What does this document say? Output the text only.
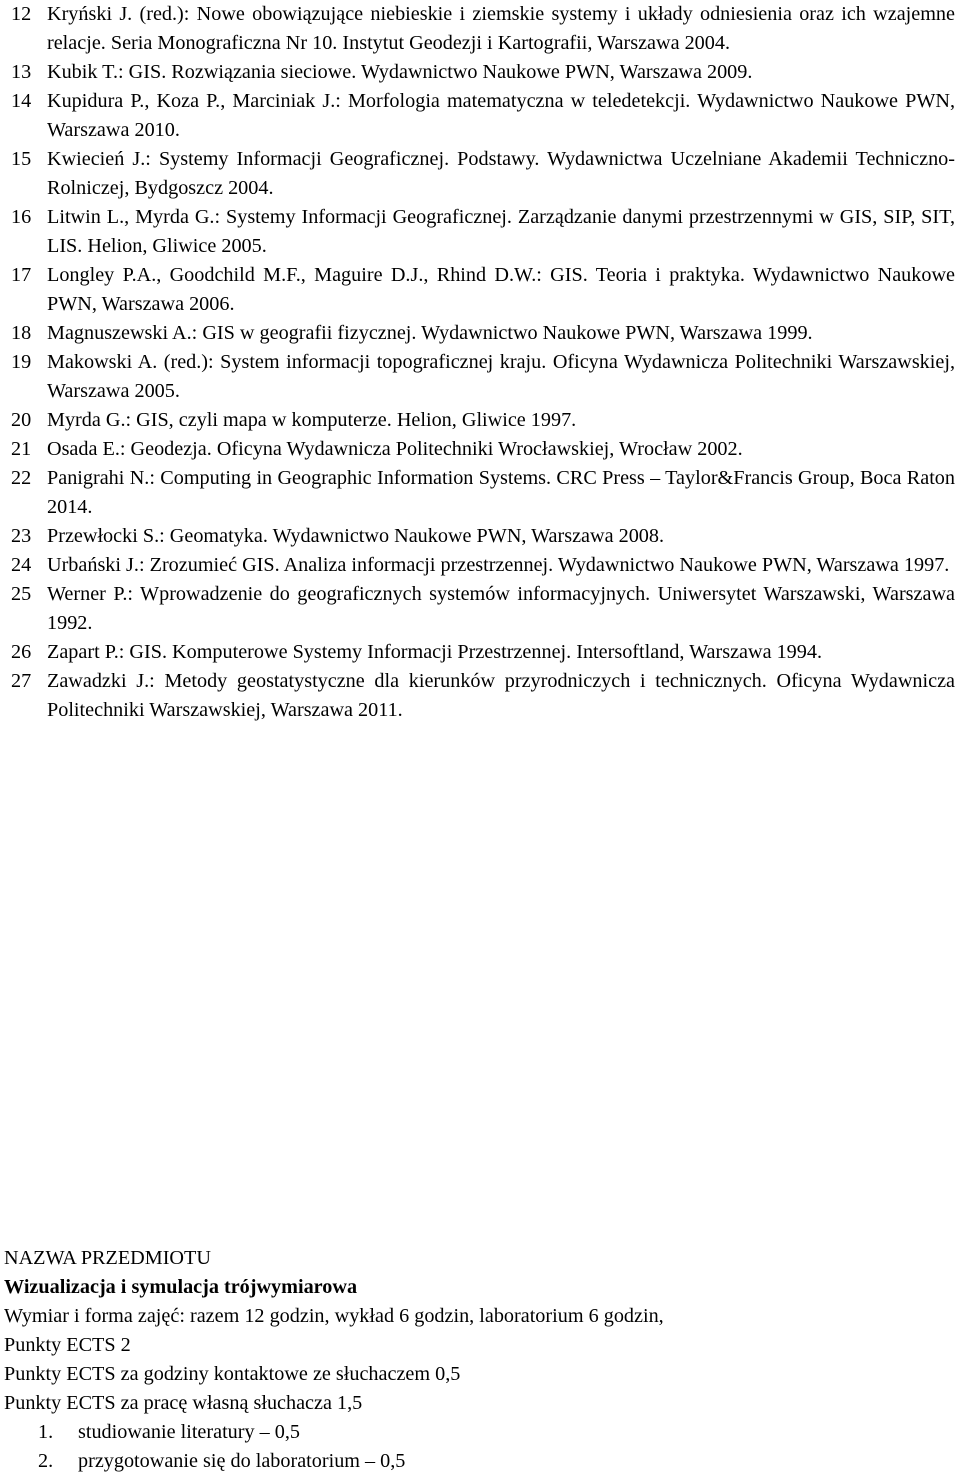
12 Kryński J. (red.): Nowe obowiązujące niebieskie i ziemskie systemy i układy odniesienia oraz ich wzajemne relacje. Seria Monograficzna Nr 10. Instytut Geodezji i Kartografii, Warszawa 2004.
13 Kubik T.: GIS. Rozwiązania sieciowe. Wydawnictwo Naukowe PWN, Warszawa 2009.
14 Kupidura P., Koza P., Marciniak J.: Morfologia matematyczna w teledetekcji. Wydawnictwo Naukowe PWN, Warszawa 2010.
15 Kwiecień J.: Systemy Informacji Geograficznej. Podstawy. Wydawnictwa Uczelniane Akademii Techniczno-Rolniczej, Bydgoszcz 2004.
16 Litwin L., Myrda G.: Systemy Informacji Geograficznej. Zarządzanie danymi przestrzennymi w GIS, SIP, SIT, LIS. Helion, Gliwice 2005.
17 Longley P.A., Goodchild M.F., Maguire D.J., Rhind D.W.: GIS. Teoria i praktyka. Wydawnictwo Naukowe PWN, Warszawa 2006.
18 Magnuszewski A.: GIS w geografii fizycznej. Wydawnictwo Naukowe PWN, Warszawa 1999.
19 Makowski A. (red.): System informacji topograficznej kraju. Oficyna Wydawnicza Politechniki Warszawskiej, Warszawa 2005.
20 Myrda G.: GIS, czyli mapa w komputerze. Helion, Gliwice 1997.
21 Osada E.: Geodezja. Oficyna Wydawnicza Politechniki Wrocławskiej, Wrocław 2002.
22 Panigrahi N.: Computing in Geographic Information Systems. CRC Press – Taylor&Francis Group, Boca Raton 2014.
23 Przewłocki S.: Geomatyka. Wydawnictwo Naukowe PWN, Warszawa 2008.
24 Urbański J.: Zrozumieć GIS. Analiza informacji przestrzennej. Wydawnictwo Naukowe PWN, Warszawa 1997.
25 Werner P.: Wprowadzenie do geograficznych systemów informacyjnych. Uniwersytet Warszawski, Warszawa 1992.
26 Zapart P.: GIS. Komputerowe Systemy Informacji Przestrzennej. Intersoftland, Warszawa 1994.
27 Zawadzki J.: Metody geostatystyczne dla kierunków przyrodniczych i technicznych. Oficyna Wydawnicza Politechniki Warszawskiej, Warszawa 2011.

NAZWA PRZEDMIOTU

Wizualizacja i symulacja trójwymiarowa

Wymiar i forma zajęć: razem 12 godzin, wykład 6 godzin, laboratorium 6 godzin,

Punkty ECTS 2

Punkty ECTS za godziny kontaktowe ze słuchaczem 0,5

Punkty ECTS za pracę własną słuchacza 1,5

1.	studiowanie literatury – 0,5
2.	przygotowanie się do laboratorium – 0,5
